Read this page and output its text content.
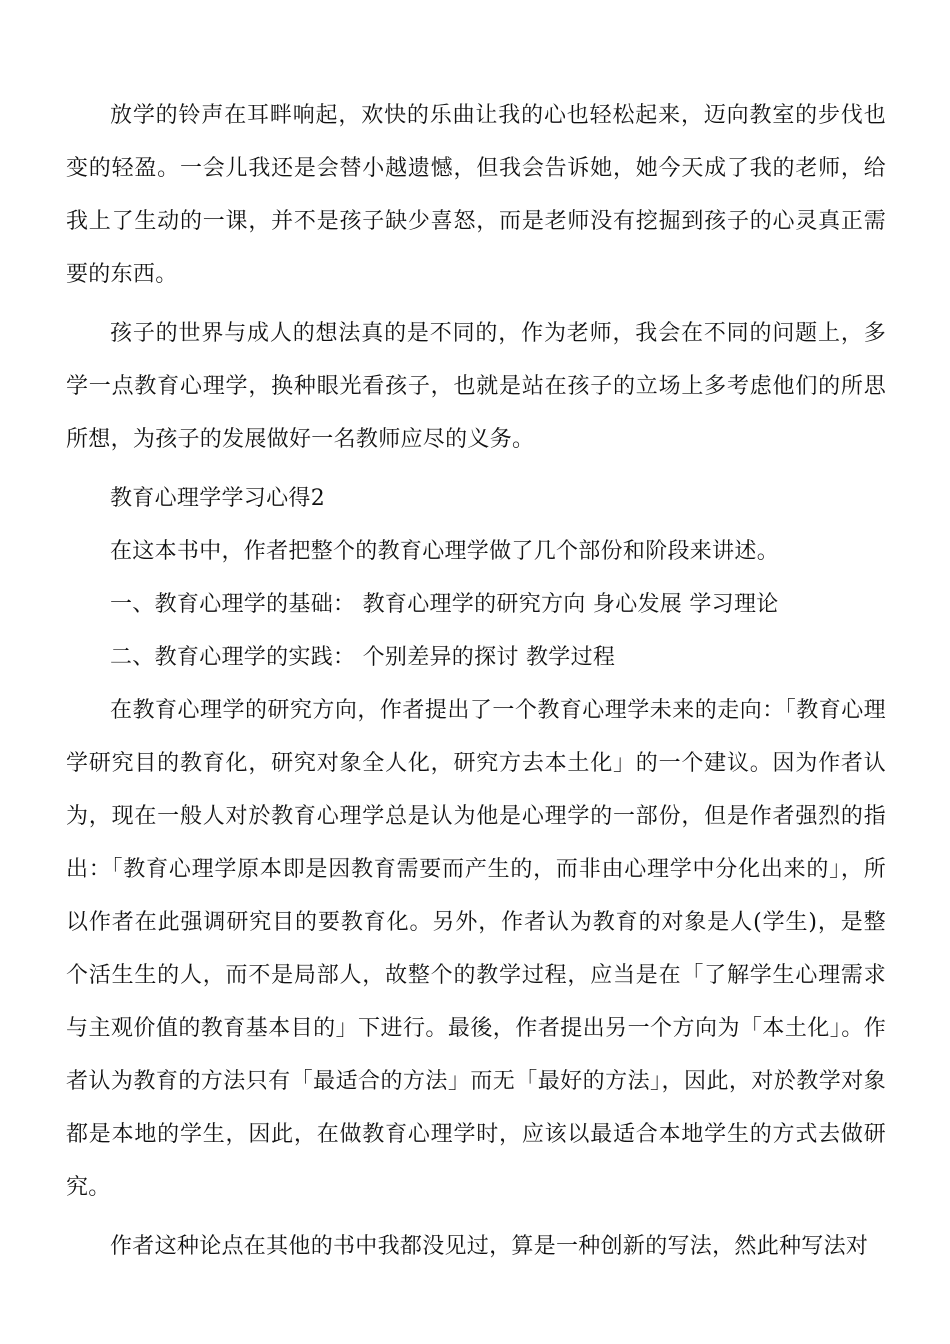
放学的铃声在耳畔响起，欢快的乐曲让我的心也轻松起来，迈向教室的步伐也变的轻盈。一会儿我还是会替小越遗憾，但我会告诉她，她今天成了我的老师，给我上了生动的一课，并不是孩子缺少喜怒，而是老师没有挖掘到孩子的心灵真正需要的东西。

孩子的世界与成人的想法真的是不同的，作为老师，我会在不同的问题上，多学一点教育心理学，换种眼光看孩子，也就是站在孩子的立场上多考虑他们的所思所想，为孩子的发展做好一名教师应尽的义务。

教育心理学学习心得2

在这本书中，作者把整个的教育心理学做了几个部份和阶段来讲述。

一、教育心理学的基础： 教育心理学的研究方向 身心发展 学习理论

二、教育心理学的实践： 个别差异的探讨 教学过程

在教育心理学的研究方向，作者提出了一个教育心理学未来的走向：「教育心理学研究目的教育化，研究对象全人化，研究方去本土化」的一个建议。因为作者认为，现在一般人对於教育心理学总是认为他是心理学的一部份，但是作者强烈的指出：「教育心理学原本即是因教育需要而产生的，而非由心理学中分化出来的」，所以作者在此强调研究目的要教育化。另外，作者认为教育的对象是人(学生)，是整个活生生的人，而不是局部人，故整个的教学过程，应当是在「了解学生心理需求与主观价值的教育基本目的」下进行。最後，作者提出另一个方向为「本土化」。作者认为教育的方法只有「最适合的方法」而无「最好的方法」，因此，对於教学对象都是本地的学生，因此，在做教育心理学时，应该以最适合本地学生的方式去做研究。

作者这种论点在其他的书中我都没见过，算是一种创新的写法，然此种写法对
